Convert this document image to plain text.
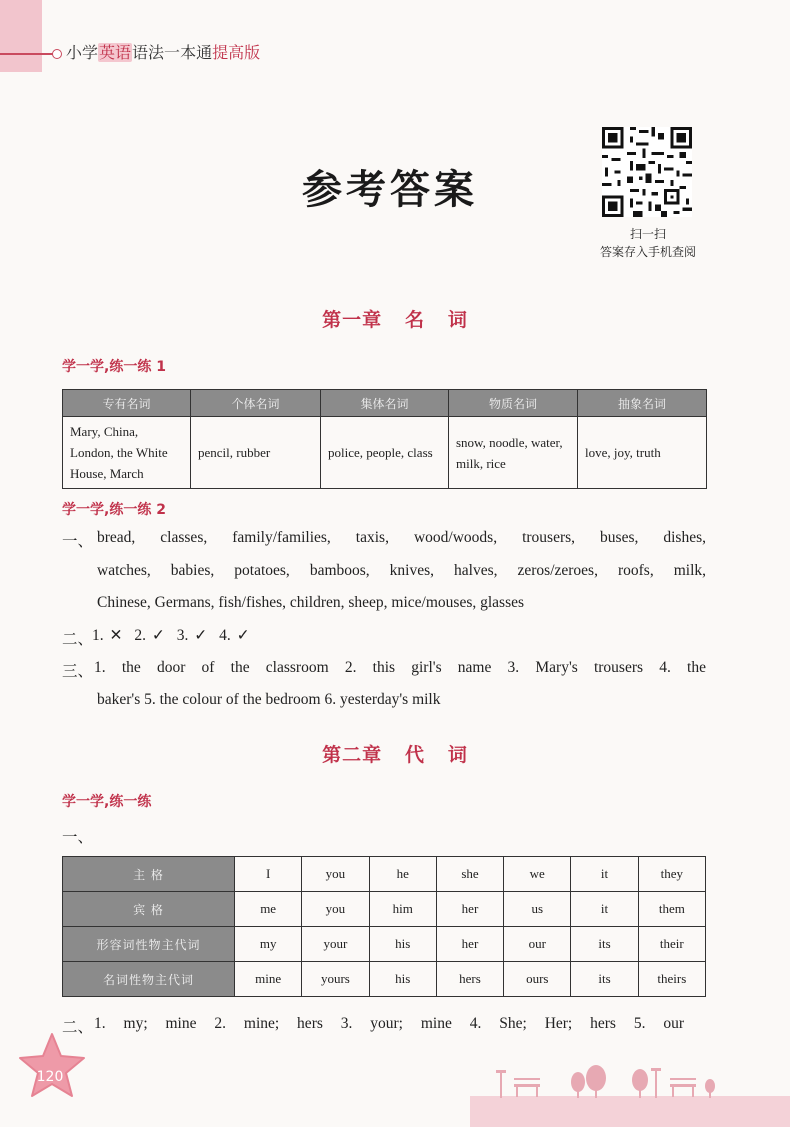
小学英语语法一本通提高版
参考答案
扫一扫
答案存入手机查阅
第一章   名   词
学一学,练一练 1
专有名词	个体名词	集体名词	物质名词	抽象名词
Mary, China, London, the White House, March	pencil, rubber	police, people, class	snow, noodle, water, milk, rice	love, joy, truth
学一学,练一练 2
一、 bread, classes, family/families, taxis, wood/woods, trousers, buses, dishes,
watches, babies, potatoes, bamboos, knives, halves, zeros/zeroes, roofs, milk,
Chinese, Germans, fish/fishes, children, sheep, mice/mouses, glasses
二、
1. ✕ 2. ✓ 3. ✓ 4. ✓
三、 1. the door of the classroom 2. this girl's name 3. Mary's trousers 4. the
baker's 5. the colour of the bedroom 6. yesterday's milk
第二章   代   词
学一学,练一练
一、
主 格	I	you	he	she	we	it	they
宾 格	me	you	him	her	us	it	them
形容词性物主代词	my	your	his	her	our	its	their
名词性物主代词	mine	yours	his	hers	ours	its	theirs
二、 1. my; mine 2. mine; hers 3. your; mine 4. She; Her; hers 5. our
120
